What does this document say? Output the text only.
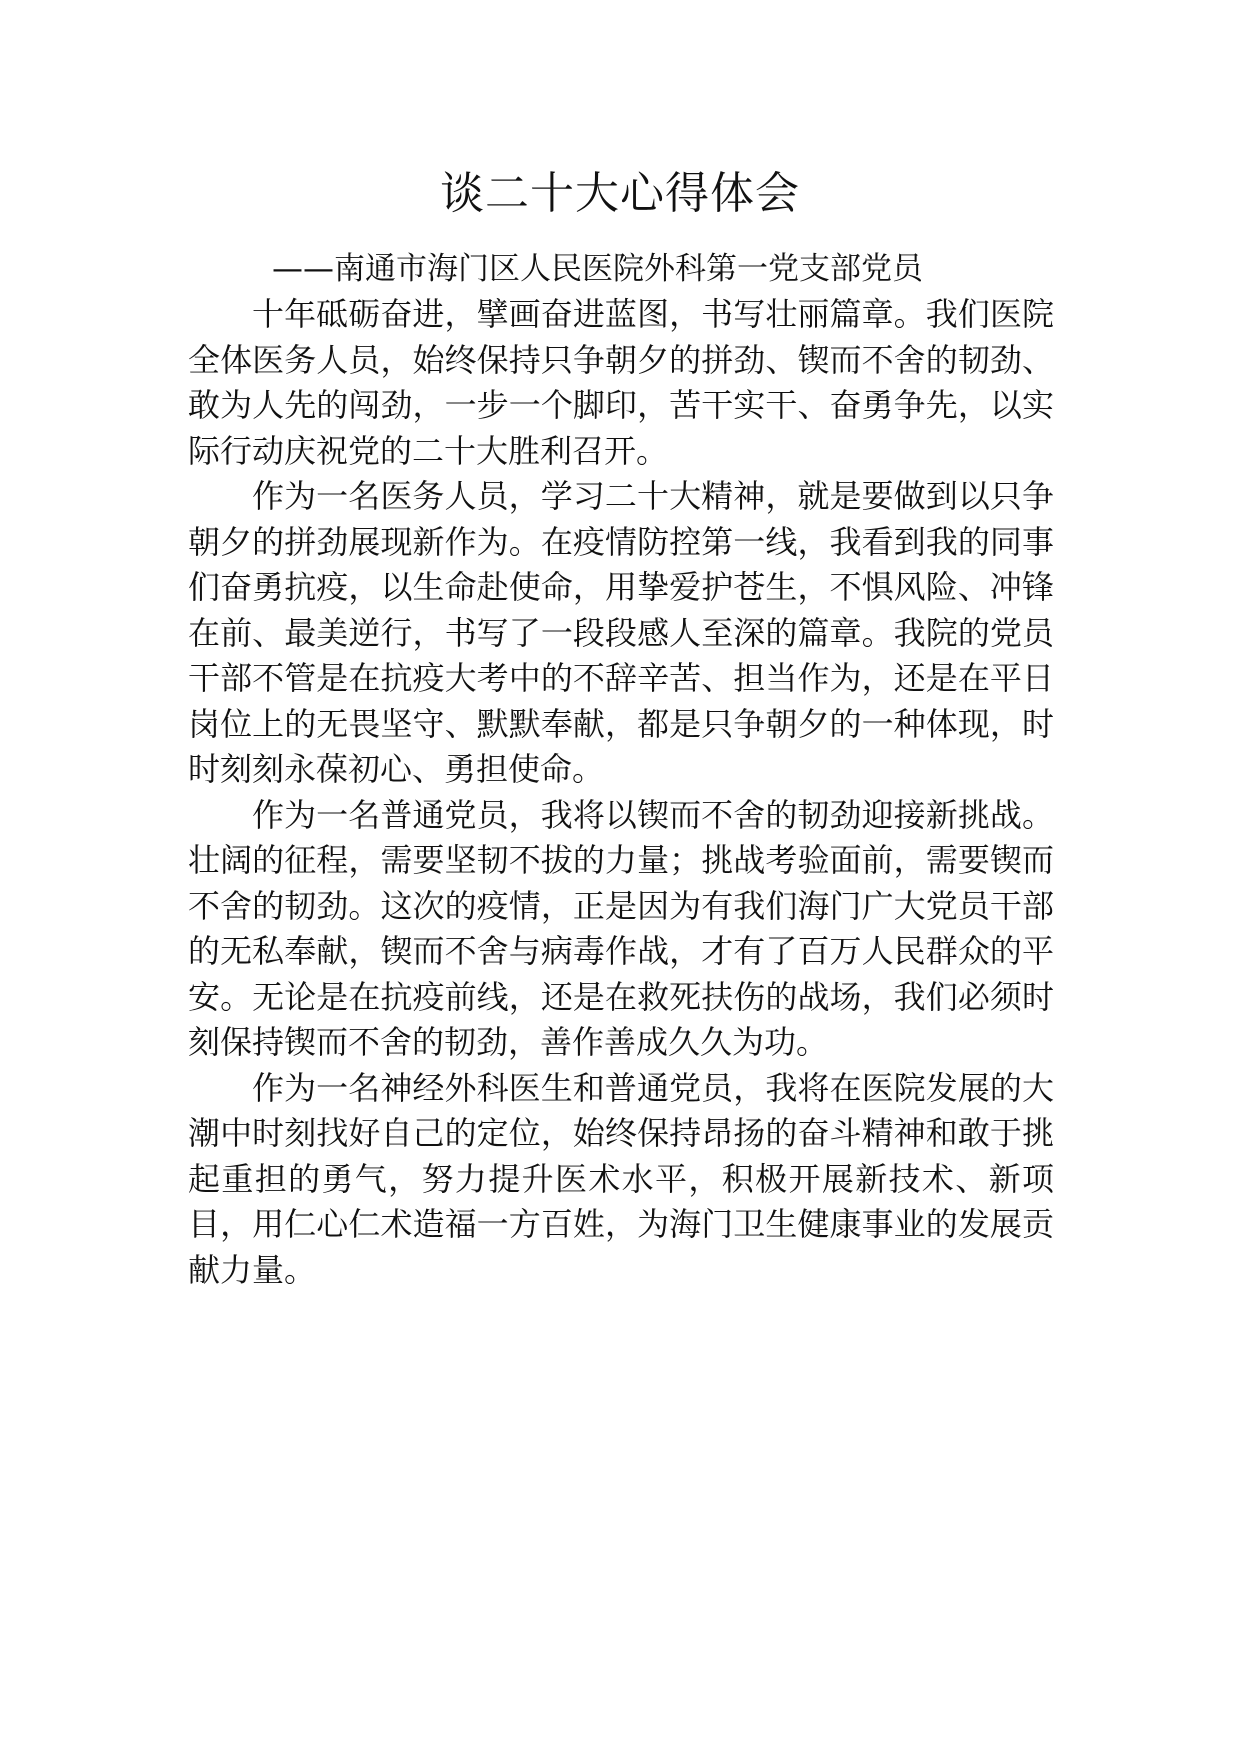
谈二十大心得体会

——南通市海门区人民医院外科第一党支部党员

十年砥砺奋进，擘画奋进蓝图，书写壮丽篇章。我们医院全体医务人员，始终保持只争朝夕的拼劲、锲而不舍的韧劲、敢为人先的闯劲，一步一个脚印，苦干实干、奋勇争先，以实际行动庆祝党的二十大胜利召开。

作为一名医务人员，学习二十大精神，就是要做到以只争朝夕的拼劲展现新作为。在疫情防控第一线，我看到我的同事们奋勇抗疫，以生命赴使命，用挚爱护苍生，不惧风险、冲锋在前、最美逆行，书写了一段段感人至深的篇章。我院的党员干部不管是在抗疫大考中的不辞辛苦、担当作为，还是在平日岗位上的无畏坚守、默默奉献，都是只争朝夕的一种体现，时时刻刻永葆初心、勇担使命。

作为一名普通党员，我将以锲而不舍的韧劲迎接新挑战。壮阔的征程，需要坚韧不拔的力量；挑战考验面前，需要锲而不舍的韧劲。这次的疫情，正是因为有我们海门广大党员干部的无私奉献，锲而不舍与病毒作战，才有了百万人民群众的平安。无论是在抗疫前线，还是在救死扶伤的战场，我们必须时刻保持锲而不舍的韧劲，善作善成久久为功。

作为一名神经外科医生和普通党员，我将在医院发展的大潮中时刻找好自己的定位，始终保持昂扬的奋斗精神和敢于挑起重担的勇气，努力提升医术水平，积极开展新技术、新项目，用仁心仁术造福一方百姓，为海门卫生健康事业的发展贡献力量。
